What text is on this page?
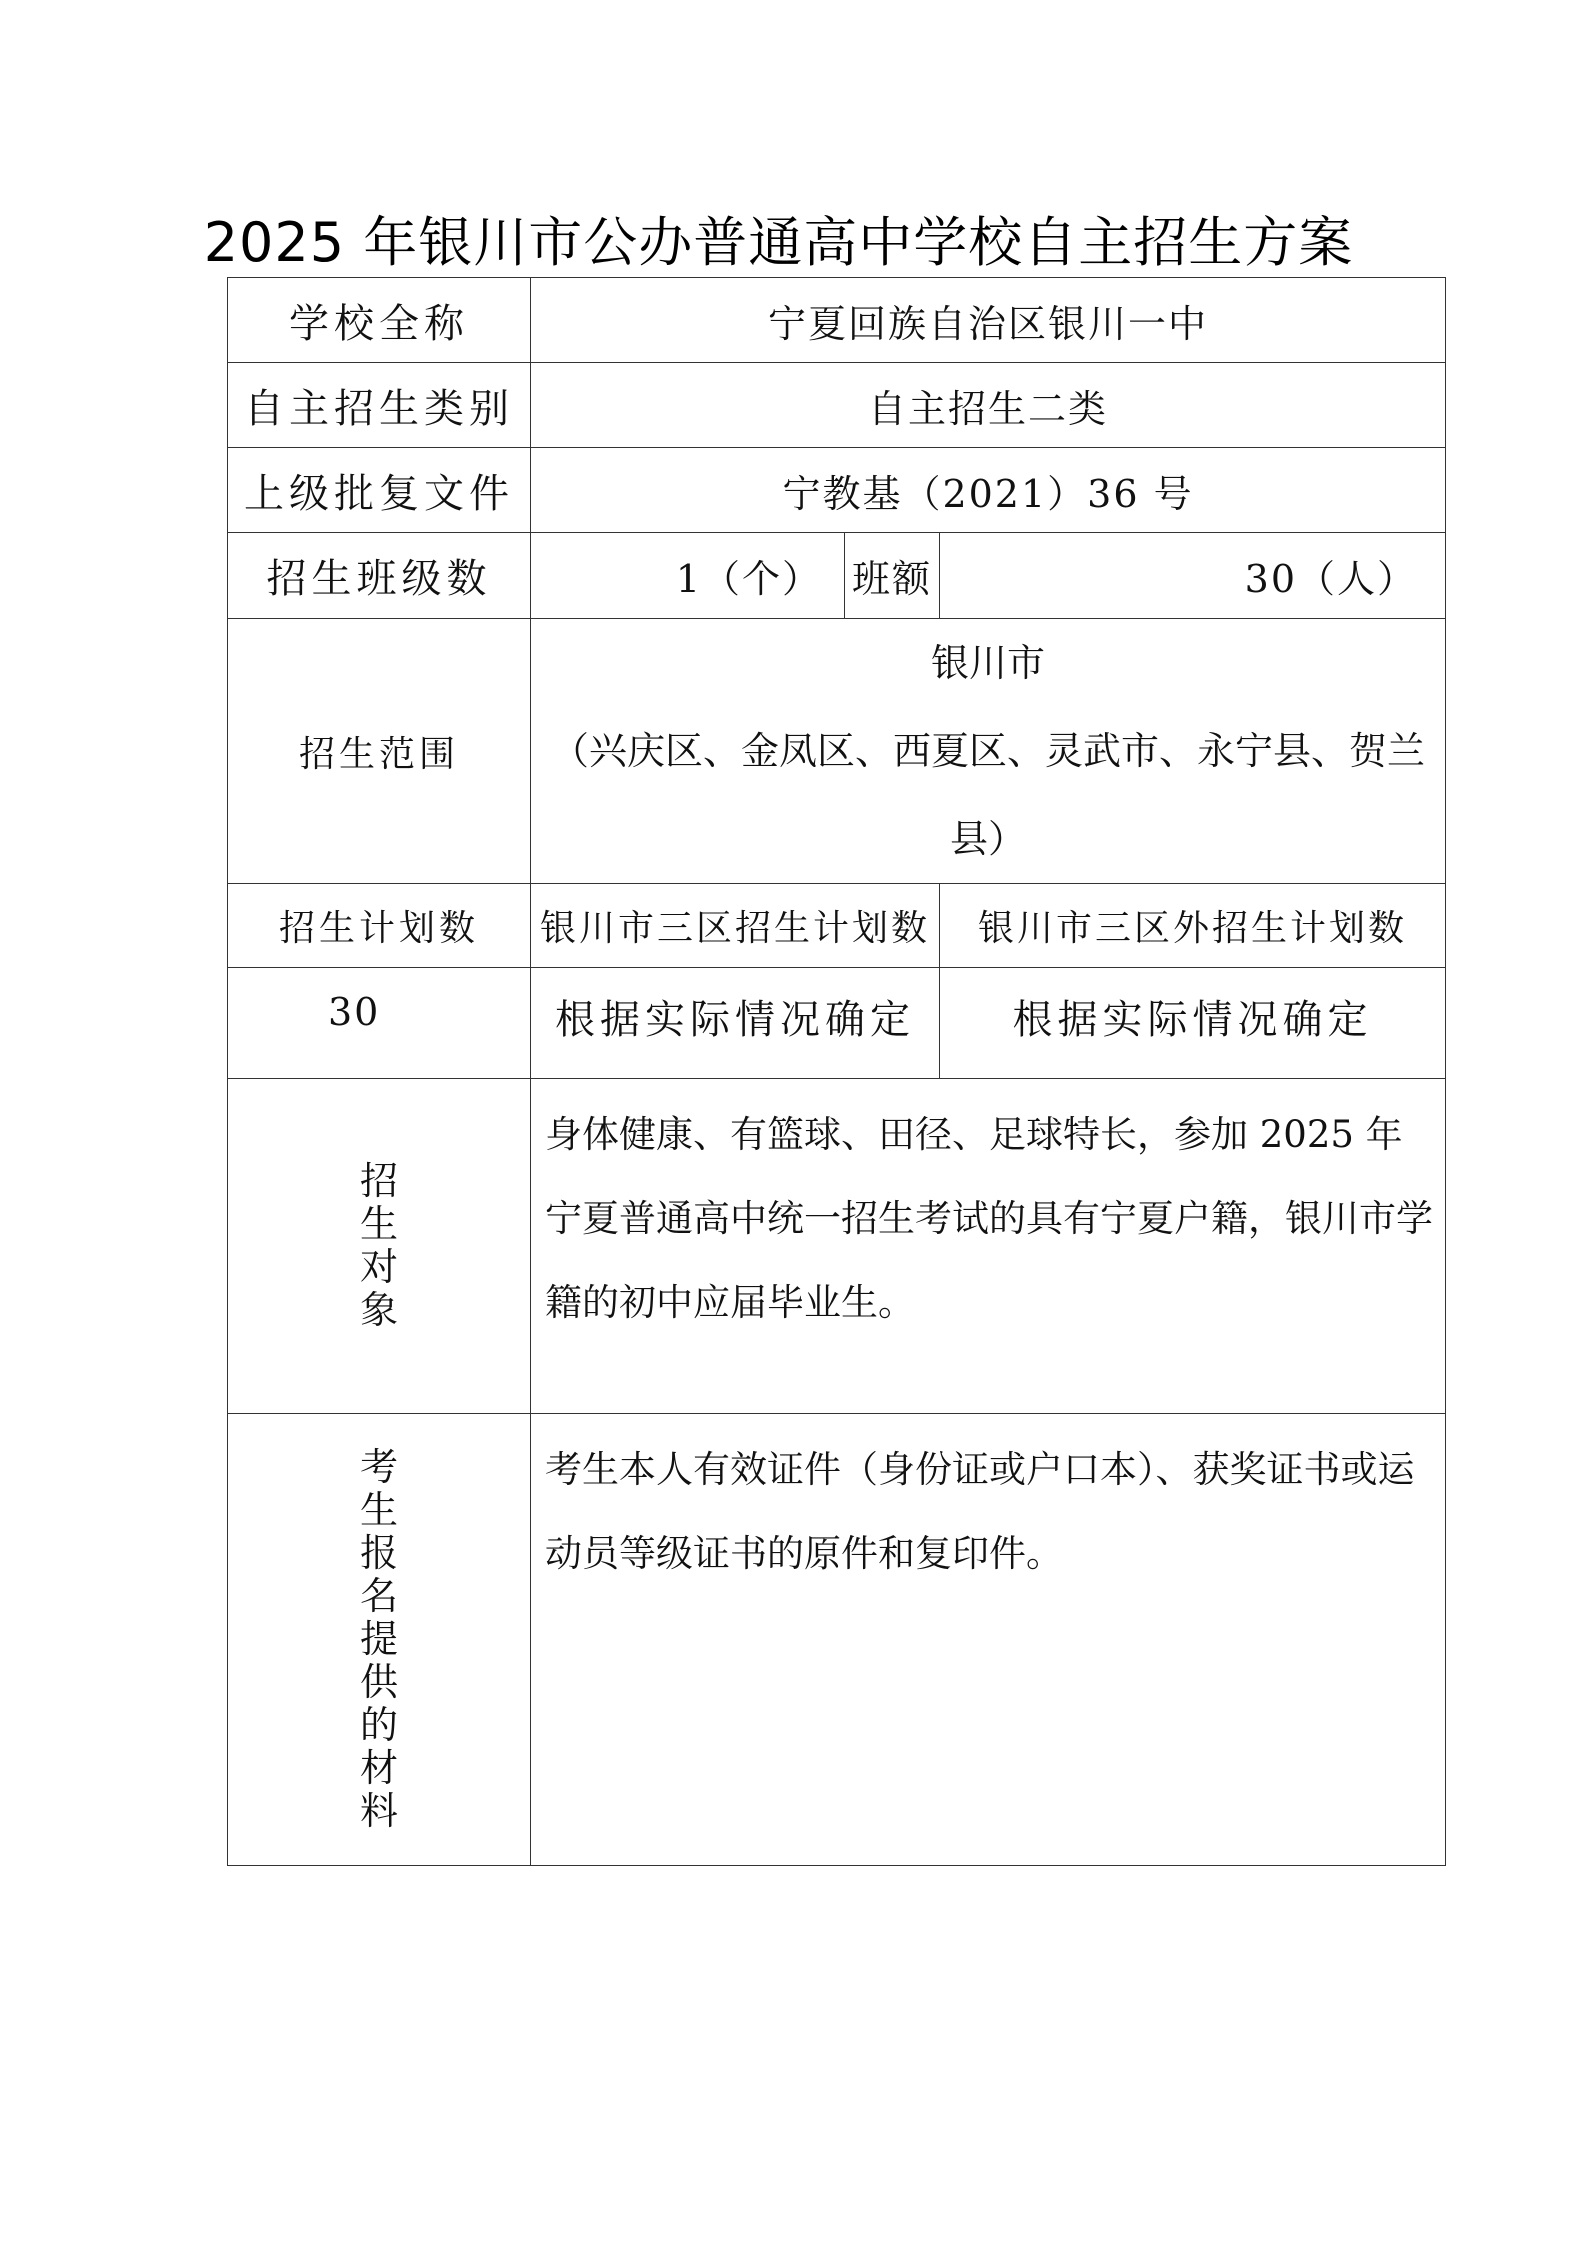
2025 年银川市公办普通高中学校自主招生方案
学校全称	宁夏回族自治区银川一中		
自主招生类别	自主招生二类		
上级批复文件	宁教基（2021）36 号		
招生班级数	1（个）	班额	30（人）
招生范围	银川市
（兴庆区、金凤区、西夏区、灵武市、永宁县、贺兰县）		

招生计划数	银川市三区招生计划数		银川市三区外招生计划数
30	根据实际情况确定		根据实际情况确定
招生对象	身体健康、有篮球、田径、足球特长，参加 2025 年宁夏普通高中统一招生考试的具有宁夏户籍，银川市学籍的初中应届毕业生。		
考生报名提供的材料	考生本人有效证件（身份证或户口本）、获奖证书或运动员等级证书的原件和复印件。		
